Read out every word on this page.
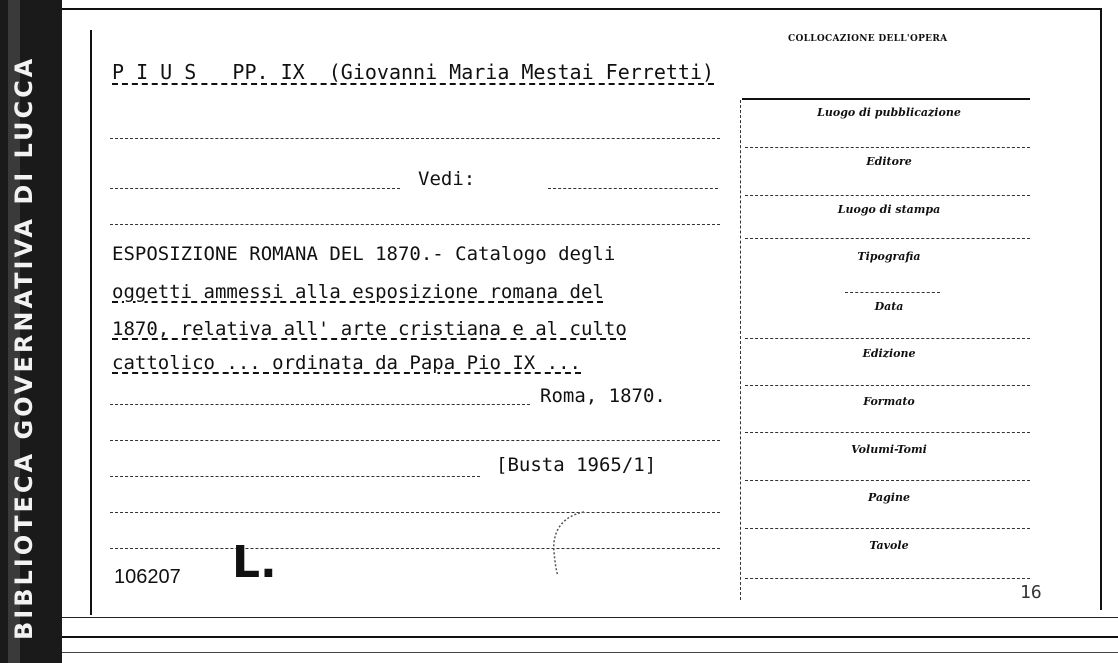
BIBLIOTECA GOVERNATIVA DI LUCCA
COLLOCAZIONE DELL'OPERA
P I U S   PP. IX  (Giovanni Maria Mestai Ferretti)
Vedi:
ESPOSIZIONE ROMANA DEL 1870.- Catalogo degli
oggetti ammessi alla esposizione romana del
1870, relativa all' arte cristiana e al culto
cattolico ... ordinata da Papa Pio IX ...
Roma, 1870.
[Busta 1965/1]
106207 L.
16
Luogo di pubblicazione
Editore
Luogo di stampa
Tipografia
Data
Edizione
Formato
Volumi-Tomi
Pagine
Tavole
